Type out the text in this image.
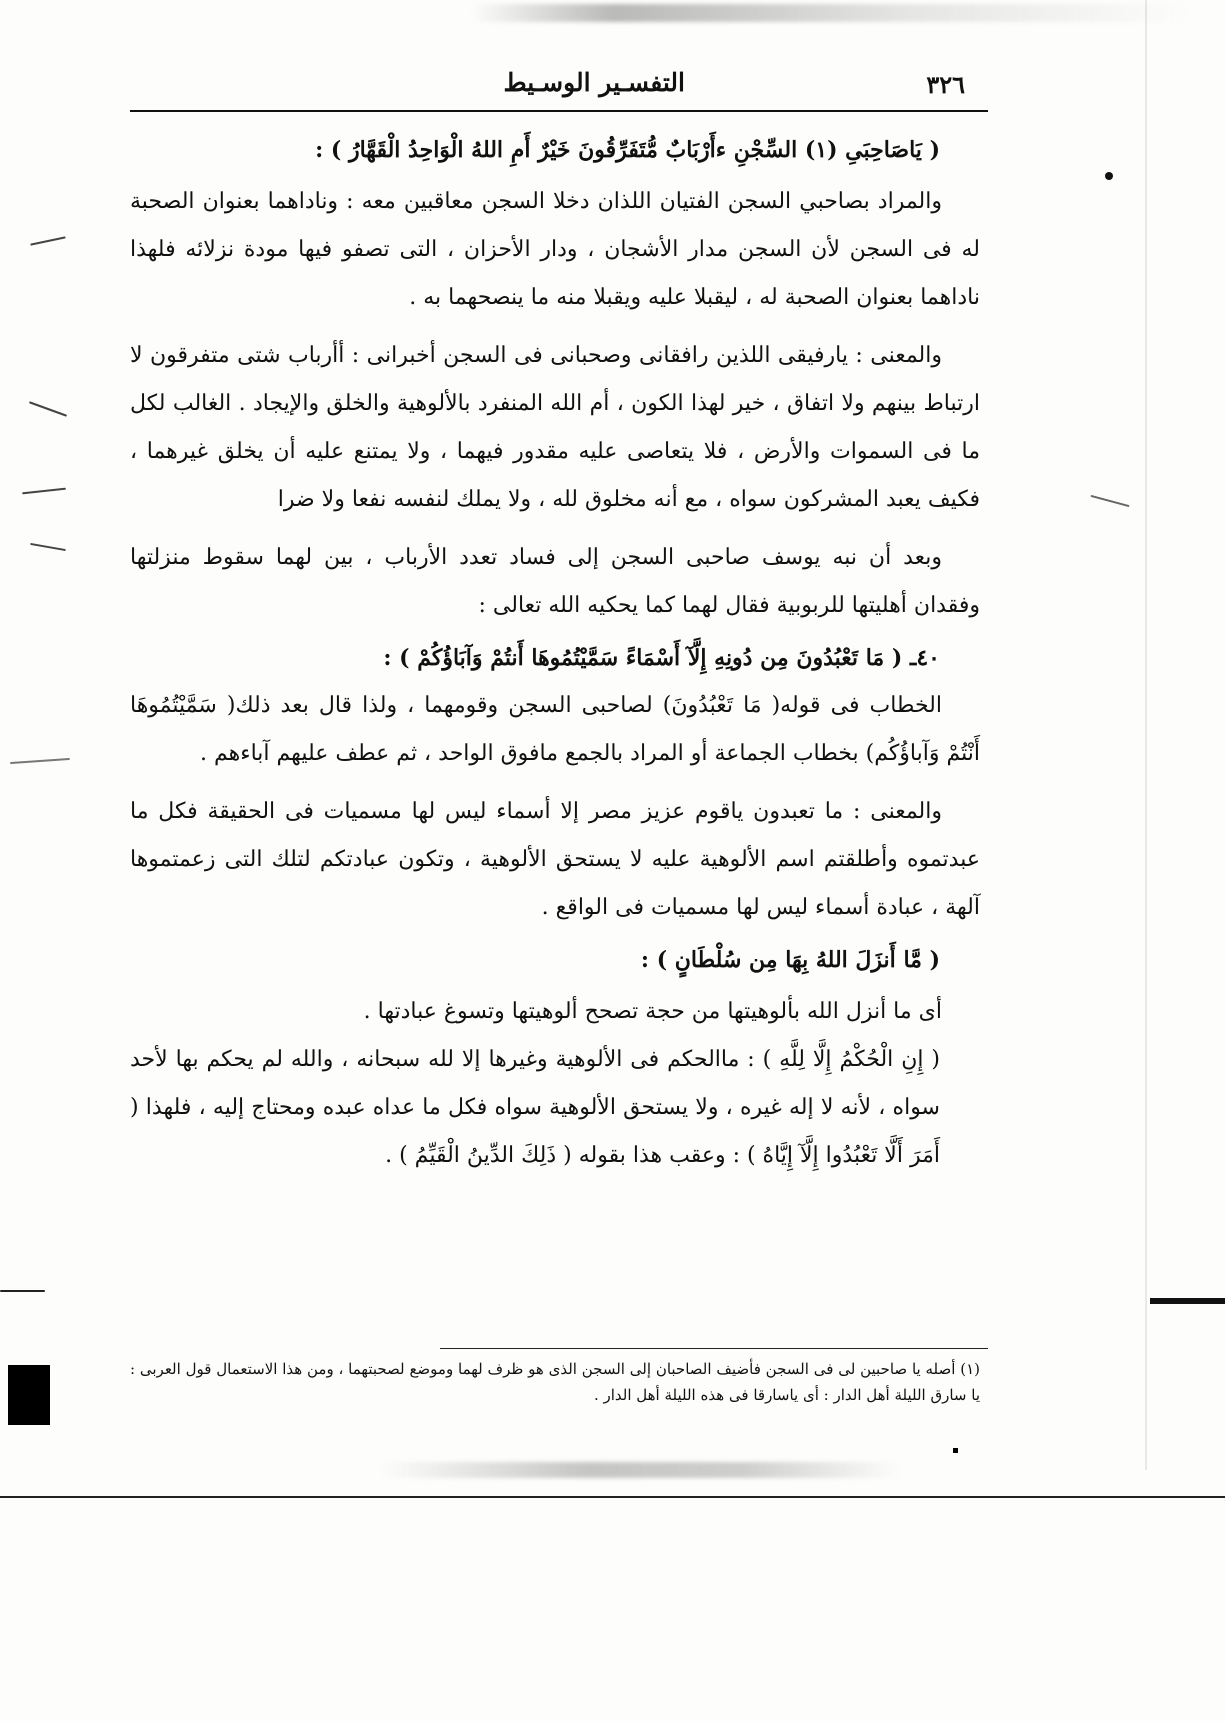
التفسـير الوسـيط	٣٢٦

( يَاصَاحِبَىِ (١) السِّجْنِ ءأَرْبَابٌ مُّتَفَرِّقُونَ خَيْرٌ أَمِ اللهُ الْوَاحِدُ الْقَهَّارُ ) :

والمراد بصاحبي السجن الفتيان اللذان دخلا السجن معاقبين معه : وناداهما بعنوان الصحبة له فى السجن لأن السجن مدار الأشجان ، ودار الأحزان ، التى تصفو فيها مودة نزلائه فلهذا ناداهما بعنوان الصحبة له ، ليقبلا عليه ويقبلا منه ما ينصحهما به .

والمعنى : يارفيقى اللذين رافقانى وصحبانى فى السجن أخبرانى : أأرباب شتى متفرقون لا ارتباط بينهم ولا اتفاق ، خير لهذا الكون ، أم الله المنفرد بالألوهية والخلق والإيجاد . الغالب لكل ما فى السموات والأرض ، فلا يتعاصى عليه مقدور فيهما ، ولا يمتنع عليه أن يخلق غيرهما ، فكيف يعبد المشركون سواه ، مع أنه مخلوق لله ، ولا يملك لنفسه نفعا ولا ضرا

وبعد أن نبه يوسف صاحبى السجن إلى فساد تعدد الأرباب ، بين لهما سقوط منزلتها وفقدان أهليتها للربوبية فقال لهما كما يحكيه الله تعالى :

٤٠ـ ( مَا تَعْبُدُونَ مِن دُونِهِ إِلَّآ أَسْمَاءً سَمَّيْتُمُوهَا أَنتُمْ وَآبَاؤُكُمْ ) :

الخطاب فى قوله( مَا تَعْبُدُونَ) لصاحبى السجن وقومهما ، ولذا قال بعد ذلك( سَمَّيْتُمُوهَا أَنْتُمْ وَآباؤُكُم) بخطاب الجماعة أو المراد بالجمع مافوق الواحد ، ثم عطف عليهم آباءهم .

والمعنى : ما تعبدون ياقوم عزيز مصر إلا أسماء ليس لها مسميات فى الحقيقة فكل ما عبدتموه وأطلقتم اسم الألوهية عليه لا يستحق الألوهية ، وتكون عبادتكم لتلك التى زعمتموها آلهة ، عبادة أسماء ليس لها مسميات فى الواقع .

( مَّا أَنزَلَ اللهُ بِهَا مِن سُلْطَانٍ ) :

أى ما أنزل الله بألوهيتها من حجة تصحح ألوهيتها وتسوغ عبادتها .

( إِنِ الْحُكْمُ إِلَّا لِلَّهِ ) : ماالحكم فى الألوهية وغيرها إلا لله سبحانه ، والله لم يحكم بها لأحد سواه ، لأنه لا إله غيره ، ولا يستحق الألوهية سواه فكل ما عداه عبده ومحتاج إليه ، فلهذا ( أَمَرَ أَلَّا تَعْبُدُوا إِلَّآ إِيَّاهُ ) : وعقب هذا بقوله ( ذَلِكَ الدِّينُ الْقَيِّمُ ) .

(١) أصله يا صاحبين لى فى السجن فأضيف الصاحبان إلى السجن الذى هو ظرف لهما وموضع لصحبتهما ، ومن هذا الاستعمال قول العربى : يا سارق الليلة أهل الدار : أى ياسارقا فى هذه الليلة أهل الدار .
